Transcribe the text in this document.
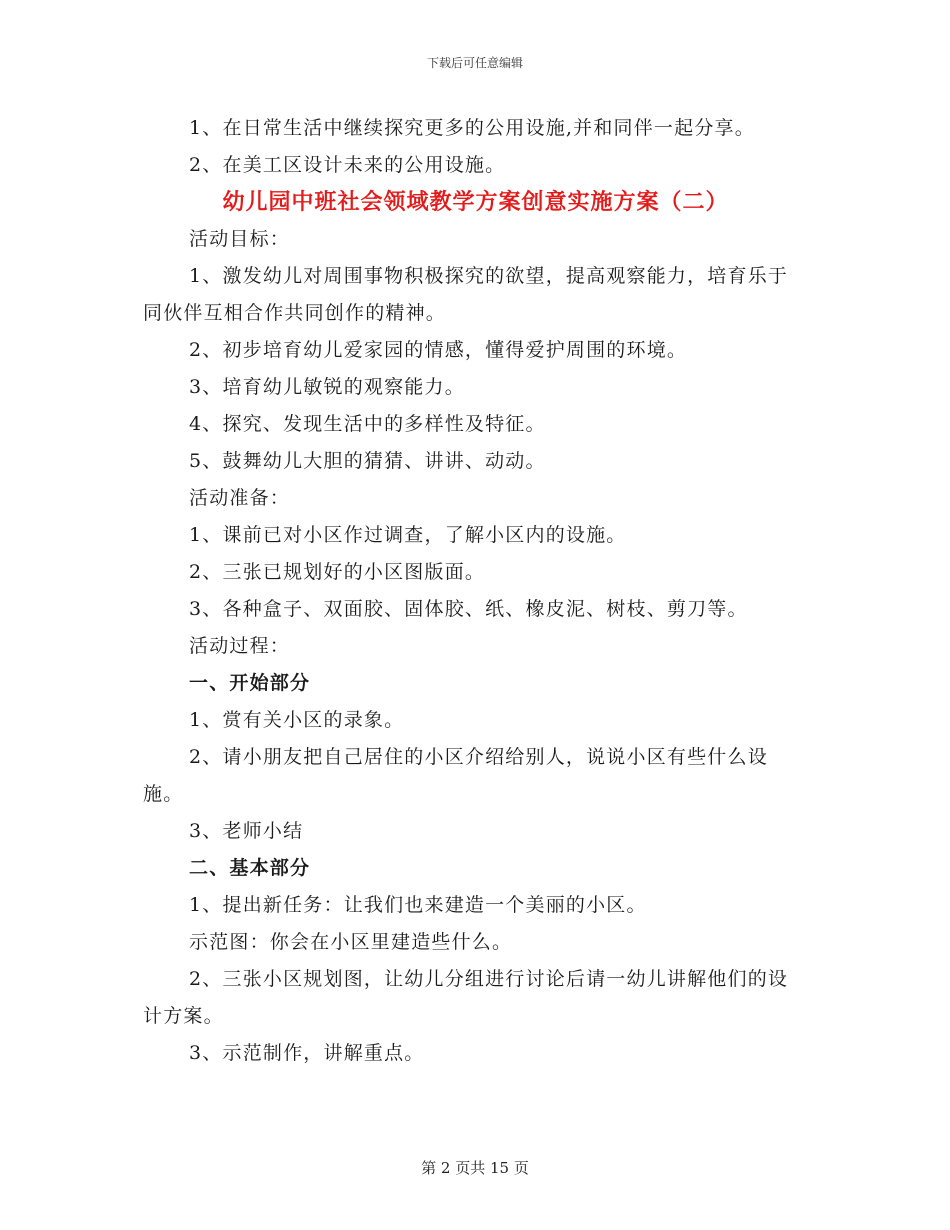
下载后可任意编辑

1、在日常生活中继续探究更多的公用设施,并和同伴一起分享。

2、在美工区设计未来的公用设施。

幼儿园中班社会领域教学方案创意实施方案（二）

活动目标：

1、激发幼儿对周围事物积极探究的欲望，提高观察能力，培育乐于同伙伴互相合作共同创作的精神。

2、初步培育幼儿爱家园的情感，懂得爱护周围的环境。

3、培育幼儿敏锐的观察能力。

4、探究、发现生活中的多样性及特征。

5、鼓舞幼儿大胆的猜猜、讲讲、动动。

活动准备：

1、课前已对小区作过调查，了解小区内的设施。

2、三张已规划好的小区图版面。

3、各种盒子、双面胶、固体胶、纸、橡皮泥、树枝、剪刀等。

活动过程：

一、开始部分

1、赏有关小区的录象。

2、请小朋友把自己居住的小区介绍给别人，说说小区有些什么设施。

3、老师小结

二、基本部分

1、提出新任务：让我们也来建造一个美丽的小区。

示范图：你会在小区里建造些什么。

2、三张小区规划图，让幼儿分组进行讨论后请一幼儿讲解他们的设计方案。

3、示范制作，讲解重点。

第 2 页共 15 页
